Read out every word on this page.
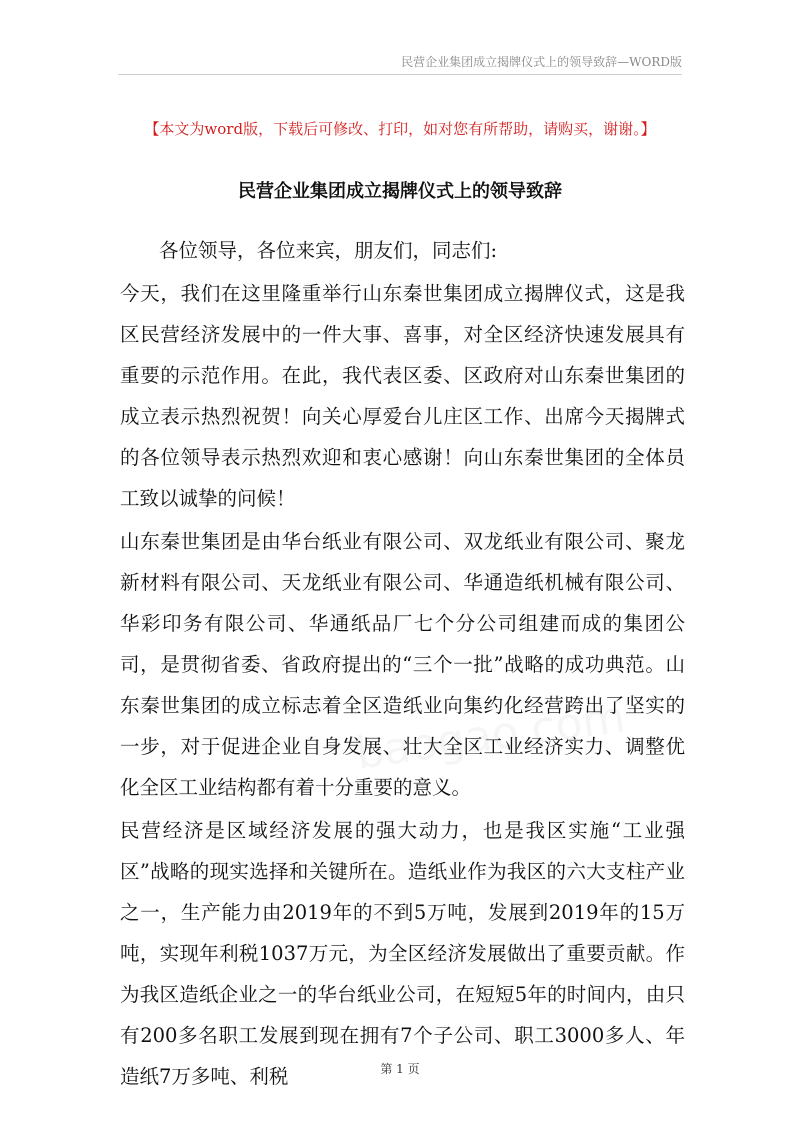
民营企业集团成立揭牌仪式上的领导致辞—WORD版
【本文为word版，下载后可修改、打印，如对您有所帮助，请购买，谢谢。】
民营企业集团成立揭牌仪式上的领导致辞

各位领导，各位来宾，朋友们，同志们:

今天，我们在这里隆重举行山东秦世集团成立揭牌仪式，这是我区民营经济发展中的一件大事、喜事，对全区经济快速发展具有重要的示范作用。在此，我代表区委、区政府对山东秦世集团的成立表示热烈祝贺！向关心厚爱台儿庄区工作、出席今天揭牌式的各位领导表示热烈欢迎和衷心感谢！向山东秦世集团的全体员工致以诚挚的问候！

山东秦世集团是由华台纸业有限公司、双龙纸业有限公司、聚龙新材料有限公司、天龙纸业有限公司、华通造纸机械有限公司、华彩印务有限公司、华通纸品厂七个分公司组建而成的集团公司，是贯彻省委、省政府提出的“三个一批”战略的成功典范。山东秦世集团的成立标志着全区造纸业向集约化经营跨出了坚实的一步，对于促进企业自身发展、壮大全区工业经济实力、调整优化全区工业结构都有着十分重要的意义。

民营经济是区域经济发展的强大动力，也是我区实施“工业强区”战略的现实选择和关键所在。造纸业作为我区的六大支柱产业之一，生产能力由2019年的不到5万吨，发展到2019年的15万吨，实现年利税1037万元，为全区经济发展做出了重要贡献。作为我区造纸企业之一的华台纸业公司，在短短5年的时间内，由只有200多名职工发展到现在拥有7个子公司、职工3000多人、年造纸7万多吨、利税	第 1 页
